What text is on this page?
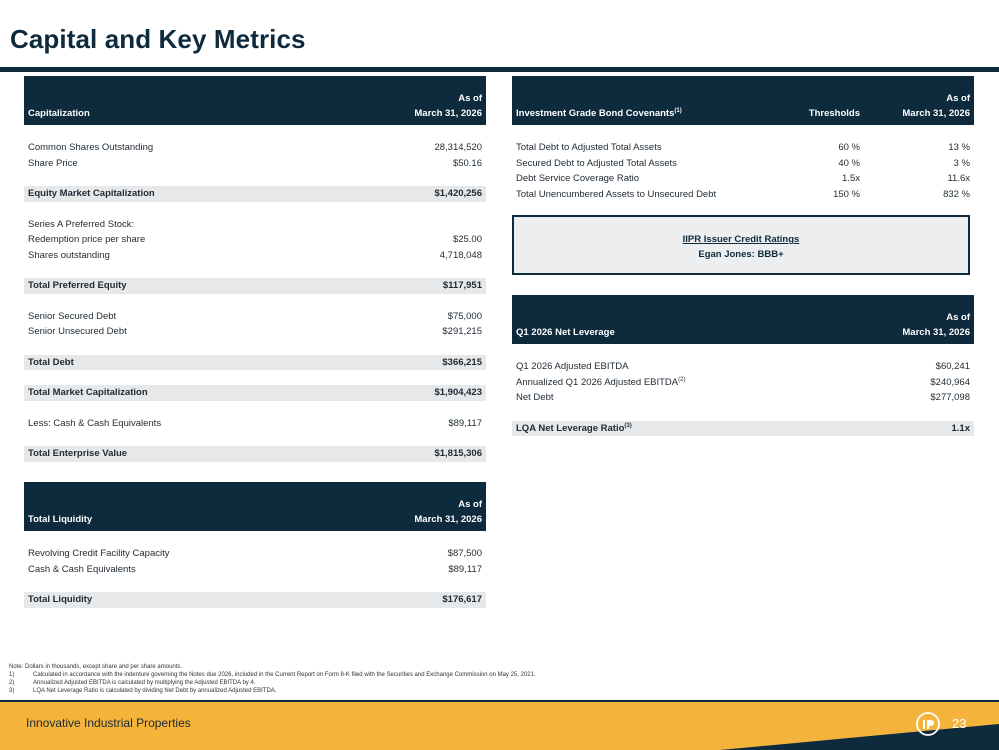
Capital and Key Metrics
Capitalization	As of
March 31, 2026

Common Shares Outstanding	28,314,520
Share Price	$50.16

Equity Market Capitalization	$1,420,256

Series A Preferred Stock:	
Redemption price per share	$25.00
Shares outstanding	4,718,048

Total Preferred Equity	$117,951

Senior Secured Debt	$75,000
Senior Unsecured Debt	$291,215

Total Debt	$366,215

Total Market Capitalization	$1,904,423

Less: Cash & Cash Equivalents	$89,117

Total Enterprise Value	$1,815,306
Total Liquidity	As of
March 31, 2026

Revolving Credit Facility Capacity	$87,500
Cash & Cash Equivalents	$89,117

Total Liquidity	$176,617
Investment Grade Bond Covenants$^{(1)}$	Thresholds	As of
March 31, 2026

Total Debt to Adjusted Total Assets	60 %	13 %
Secured Debt to Adjusted Total Assets	40 %	3 %
Debt Service Coverage Ratio	1.5x	11.6x
Total Unencumbered Assets to Unsecured Debt	150 %	832 %
IIPR Issuer Credit Ratings
Egan Jones: BBB+
Q1 2026 Net Leverage	As of
March 31, 2026

Q1 2026 Adjusted EBITDA	$60,241
Annualized Q1 2026 Adjusted EBITDA$^{(2)}$	$240,964
Net Debt	$277,098

LQA Net Leverage Ratio$^{(3)}$	1.1x
Note: Dollars in thousands, except share and per share amounts.
1)	Calculated in accordance with the indenture governing the Notes due 2026, included in the Current Report on Form 8-K filed with the Securities and Exchange Commission on May 25, 2021.
2)	Annualized Adjusted EBITDA is calculated by multiplying the Adjusted EBITDA by 4.
3)	LQA Net Leverage Ratio is calculated by dividing Net Debt by annualized Adjusted EBITDA.
Innovative Industrial Properties	23
